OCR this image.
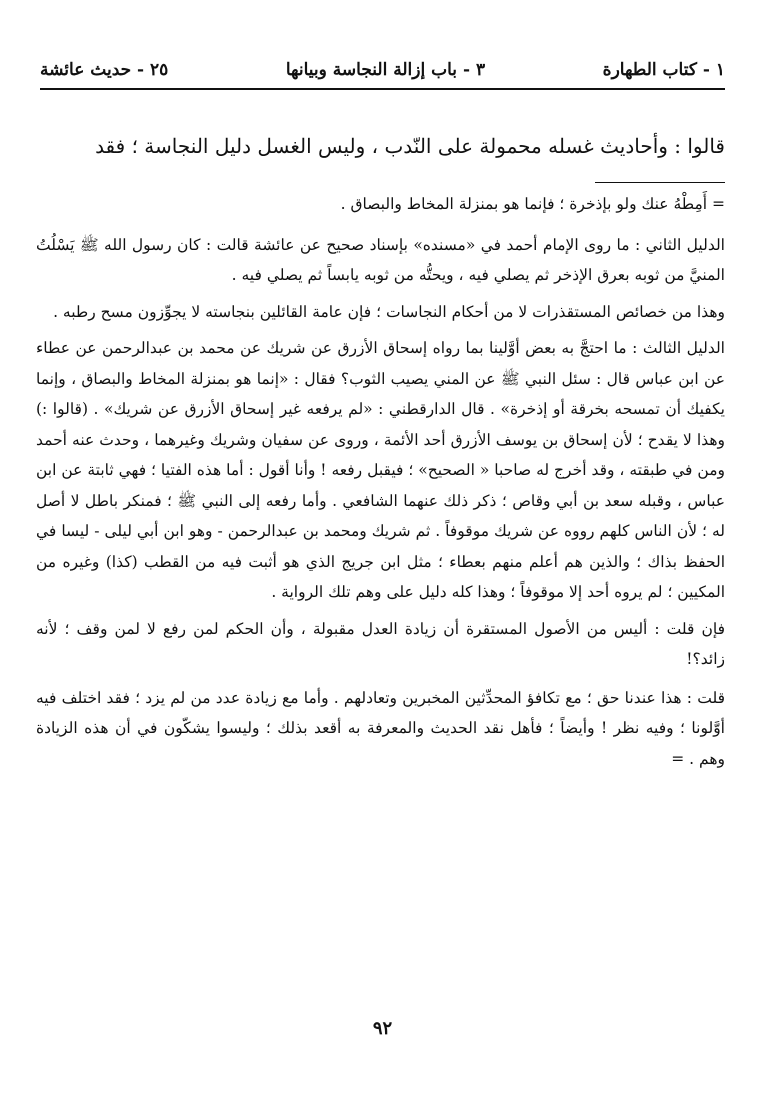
١ - كتاب الطهارة
٣ - باب إزالة النجاسة وبيانها
٢٥ - حديث عائشة

قالوا : وأحاديث غسله محمولة على النّدب ، وليس الغسل دليل النجاسة ؛ فقد

= أَمِطْهُ عنك ولو بإذخرة ؛ فإنما هو بمنزلة المخاط والبصاق .

الدليل الثاني : ما روى الإمام أحمد في «مسنده» بإسناد صحيح عن عائشة قالت : كان رسول الله ﷺ يَسْلُتُ المنيَّ من ثوبه بعرق الإذخر ثم يصلي فيه ، ويحتُّه من ثوبه يابساً ثم يصلي فيه .

وهذا من خصائص المستقذرات لا من أحكام النجاسات ؛ فإن عامة القائلين بنجاسته لا يجوِّزون مسح رطبه .

الدليل الثالث : ما احتجَّ به بعض أوَّلينا بما رواه إسحاق الأزرق عن شريك عن محمد بن عبدالرحمن عن عطاء عن ابن عباس قال : سئل النبي ﷺ عن المني يصيب الثوب؟ فقال : «إنما هو بمنزلة المخاط والبصاق ، وإنما يكفيك أن تمسحه بخرقة أو إذخرة» . قال الدارقطني : «لم يرفعه غير إسحاق الأزرق عن شريك» . (قالوا :) وهذا لا يقدح ؛ لأن إسحاق بن يوسف الأزرق أحد الأئمة ، وروى عن سفيان وشريك وغيرهما ، وحدث عنه أحمد ومن في طبقته ، وقد أخرج له صاحبا « الصحيح» ؛ فيقبل رفعه ! وأنا أقول : أما هذه الفتيا ؛ فهي ثابتة عن ابن عباس ، وقبله سعد بن أبي وقاص ؛ ذكر ذلك عنهما الشافعي . وأما رفعه إلى النبي ﷺ ؛ فمنكر باطل لا أصل له ؛ لأن الناس كلهم رووه عن شريك موقوفاً . ثم شريك ومحمد بن عبدالرحمن - وهو ابن أبي ليلى - ليسا في الحفظ بذاك ؛ والذين هم أعلم منهم بعطاء ؛ مثل ابن جريج الذي هو أثبت فيه من القطب (كذا) وغيره من المكيين ؛ لم يروه أحد إلا موقوفاً ؛ وهذا كله دليل على وهم تلك الرواية .

فإن قلت : أليس من الأصول المستقرة أن زيادة العدل مقبولة ، وأن الحكم لمن رفع لا لمن وقف ؛ لأنه زائد؟!

قلت : هذا عندنا حق ؛ مع تكافؤ المحدِّثين المخبرين وتعادلهم . وأما مع زيادة عدد من لم يزد ؛ فقد اختلف فيه أوَّلونا ؛ وفيه نظر ! وأيضاً ؛ فأهل نقد الحديث والمعرفة به أقعد بذلك ؛ وليسوا يشكّون في أن هذه الزيادة وهم . =

٩٢
